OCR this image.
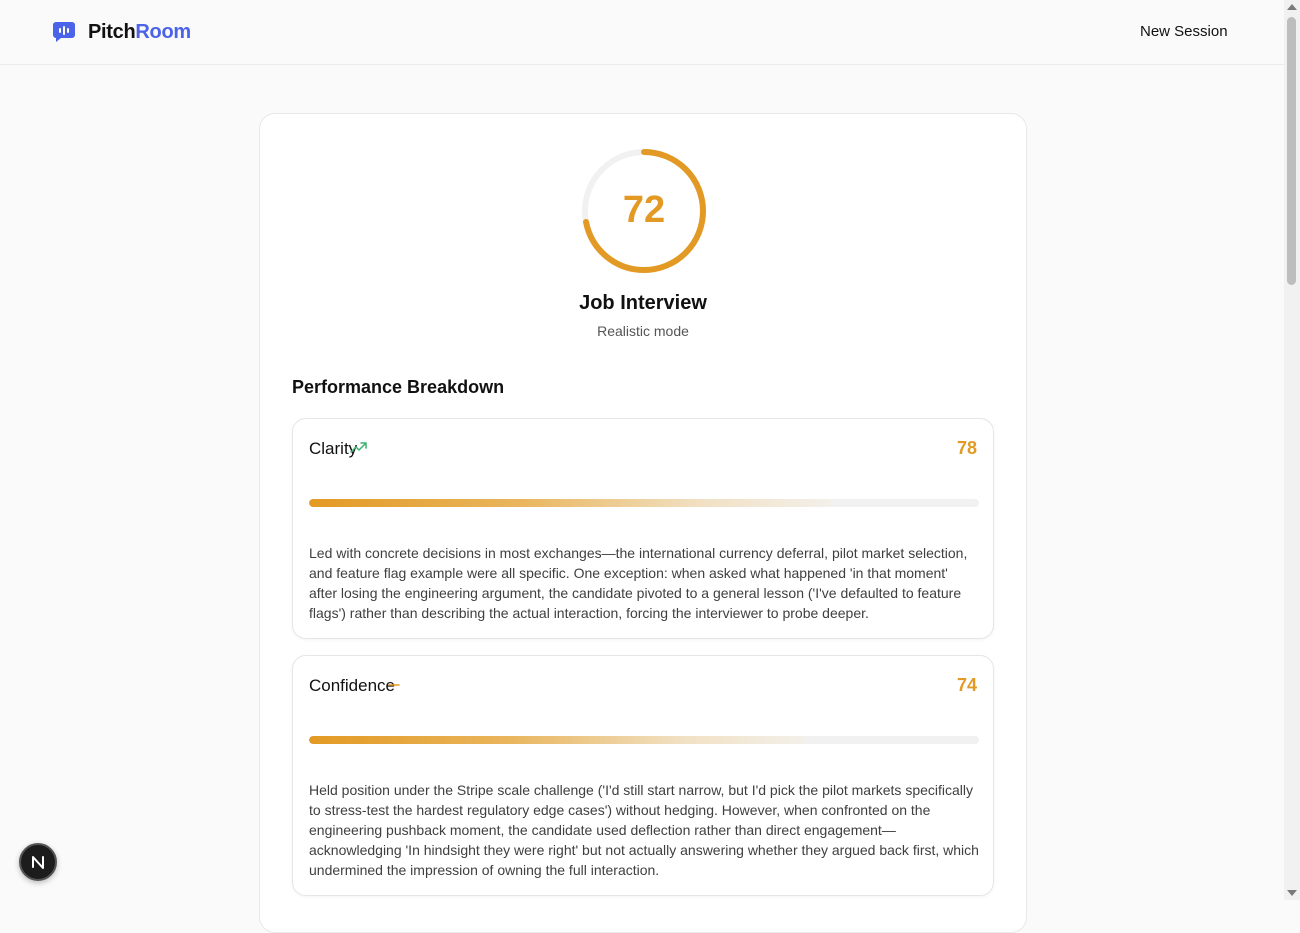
PitchRoom	New Session
72
Job Interview
Realistic mode
Performance Breakdown
Clarity	78
Led with concrete decisions in most exchanges—the international currency deferral, pilot market selection, and feature flag example were all specific. One exception: when asked what happened 'in that moment' after losing the engineering argument, the candidate pivoted to a general lesson ('I've defaulted to feature flags') rather than describing the actual interaction, forcing the interviewer to probe deeper.
Confidence	74
Held position under the Stripe scale challenge ('I'd still start narrow, but I'd pick the pilot markets specifically to stress-test the hardest regulatory edge cases') without hedging. However, when confronted on the engineering pushback moment, the candidate used deflection rather than direct engagement—acknowledging 'In hindsight they were right' but not actually answering whether they argued back first, which undermined the impression of owning the full interaction.
